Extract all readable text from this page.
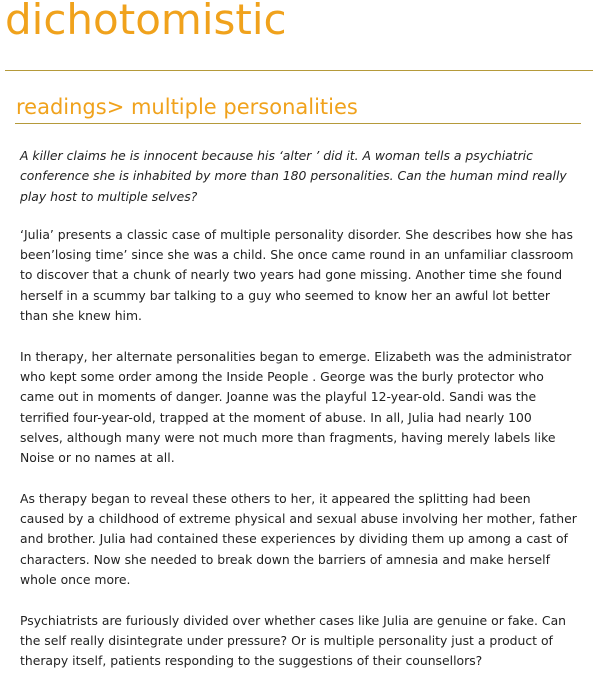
dichotomistic
readings> multiple personalities

A killer claims he is innocent because his ‘alter ’ did it. A woman tells a psychiatric conference she is inhabited by more than 180 personalities. Can the human mind really play host to multiple selves?

‘Julia’ presents a classic case of multiple personality disorder. She describes how she has been’losing time’ since she was a child. She once came round in an unfamiliar classroom to discover that a chunk of nearly two years had gone missing. Another time she found herself in a scummy bar talking to a guy who seemed to know her an awful lot better than she knew him.

In therapy, her alternate personalities began to emerge. Elizabeth was the administrator who kept some order among the Inside People . George was the burly protector who came out in moments of danger. Joanne was the playful 12-year-old. Sandi was the terrified four-year-old, trapped at the moment of abuse. In all, Julia had nearly 100 selves, although many were not much more than fragments, having merely labels like Noise or no names at all.

As therapy began to reveal these others to her, it appeared the splitting had been caused by a childhood of extreme physical and sexual abuse involving her mother, father and brother. Julia had contained these experiences by dividing them up among a cast of characters. Now she needed to break down the barriers of amnesia and make herself whole once more.

Psychiatrists are furiously divided over whether cases like Julia are genuine or fake. Can the self really disintegrate under pressure? Or is multiple personality just a product of therapy itself, patients responding to the suggestions of their counsellors?
